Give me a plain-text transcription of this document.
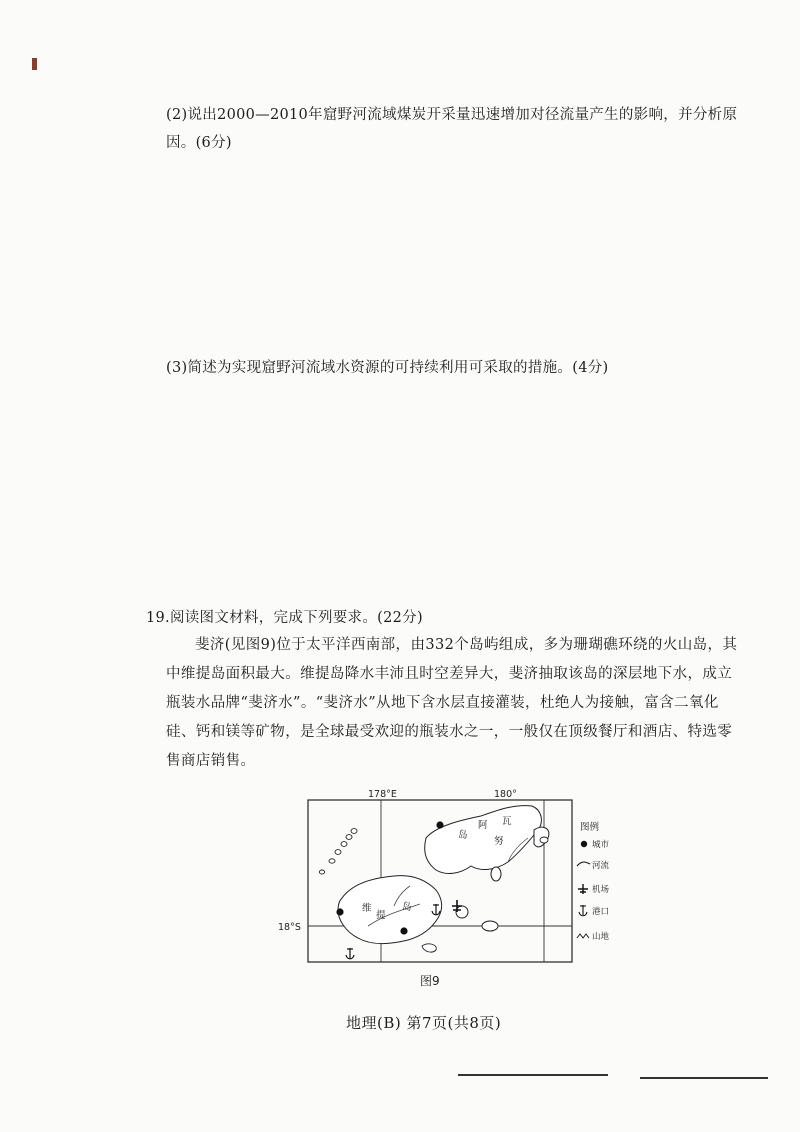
(2)说出2000—2010年窟野河流域煤炭开采量迅速增加对径流量产生的影响，并分析原因。(6分)
(3)简述为实现窟野河流域水资源的可持续利用可采取的措施。(4分)
19.阅读图文材料，完成下列要求。(22分)
斐济(见图9)位于太平洋西南部，由332个岛屿组成，多为珊瑚礁环绕的火山岛，其中维提岛面积最大。维提岛降水丰沛且时空差异大，斐济抽取该岛的深层地下水，成立瓶装水品牌“斐济水”。“斐济水”从地下含水层直接灌装，杜绝人为接触，富含二氧化硅、钙和镁等矿物，是全球最受欢迎的瓶装水之一，一般仅在顶级餐厅和酒店、特选零售商店销售。
178°E	180°
18°S
瓦
努
阿
岛
维
提
岛
图例
城市
河流
机场
港口
山地
图9
地理(B) 第7页(共8页)
